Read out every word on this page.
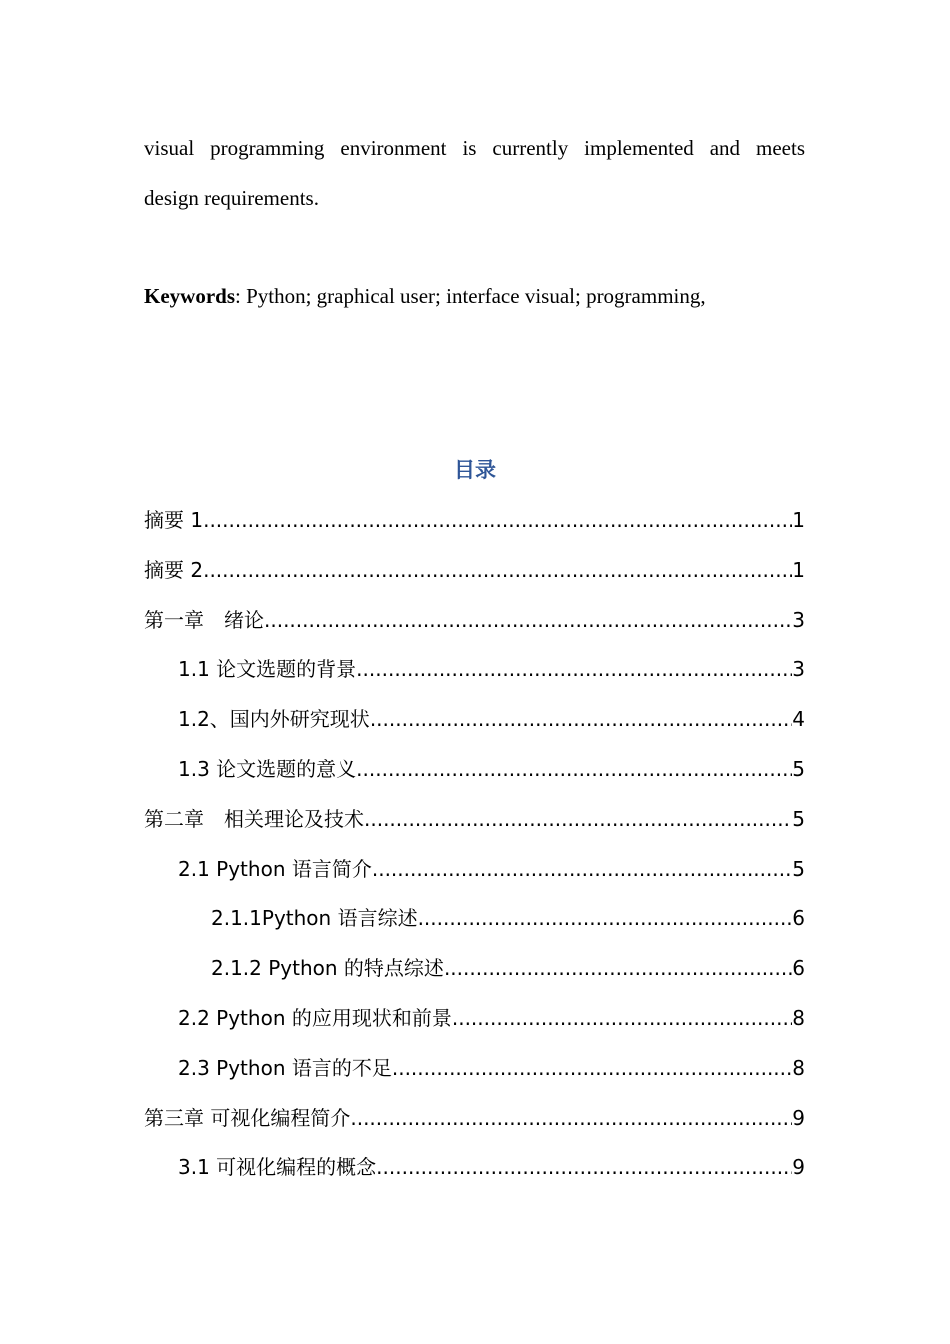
visual programming environment is currently implemented and meets
design requirements.
Keywords: Python; graphical user; interface visual; programming,
目录
摘要 1 .....	1
摘要 2 .....	1
第一章　绪论 .....	3
1.1 论文选题的背景 .....	3
1.2、国内外研究现状 .....	4
1.3 论文选题的意义 .....	5
第二章　相关理论及技术 .....	5
2.1 Python 语言简介 .....	5
2.1.1Python 语言综述 .....	6
2.1.2 Python 的特点综述 .....	6
2.2 Python 的应用现状和前景 .....	8
2.3 Python 语言的不足 .....	8
第三章 可视化编程简介 .....	9
3.1 可视化编程的概念 .....	9
